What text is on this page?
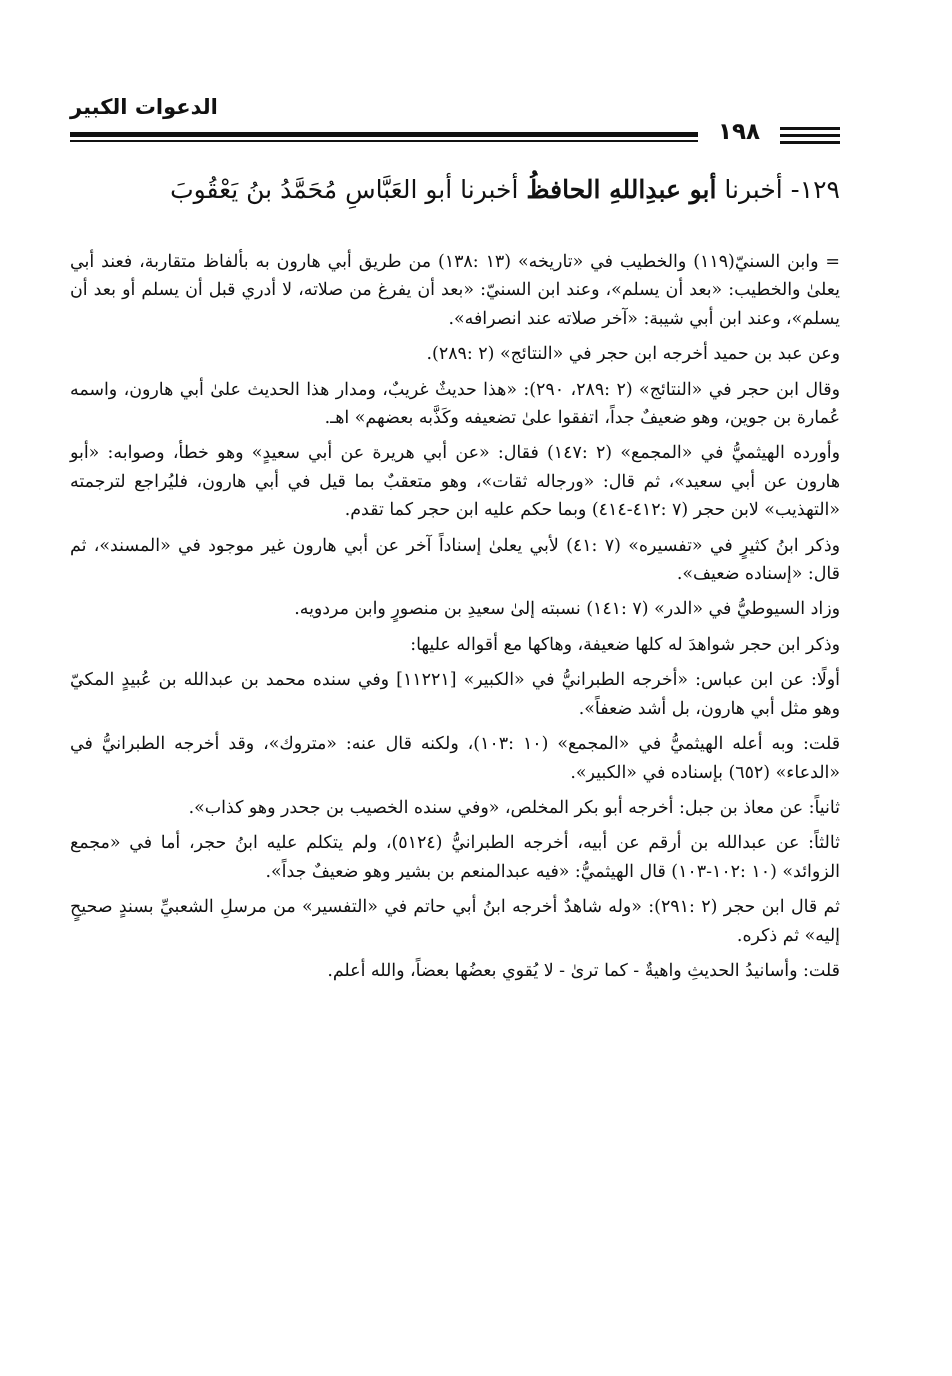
الدعوات الكبير
١٩٨
١٢٩- أخبرنا أبو عبدِاللهِ الحافظُ أخبرنا أبو العَبَّاسِ مُحَمَّدُ بنُ يَعْقُوبَ

= وابن السنيّ(١١٩) والخطيب في «تاريخه» (١٣ :١٣٨) من طريق أبي هارون به بألفاظ متقاربة، فعند أبي يعلىٰ والخطيب: «بعد أن يسلم»، وعند ابن السنيّ: «بعد أن يفرغ من صلاته، لا أدري قبل أن يسلم أو بعد أن يسلم»، وعند ابن أبي شيبة: «آخر صلاته عند انصرافه».

وعن عبد بن حميد أخرجه ابن حجر في «النتائج» (٢ :٢٨٩).

وقال ابن حجر في «النتائج» (٢ :٢٨٩، ٢٩٠): «هذا حديثٌ غريبٌ، ومدار هذا الحديث علىٰ أبي هارون، واسمه عُمارة بن جوين، وهو ضعيفٌ جداً، اتفقوا علىٰ تضعيفه وكَذَّبه بعضهم» اهـ.

وأورده الهيثميُّ في «المجمع» (٢ :١٤٧) فقال: «عن أبي هريرة عن أبي سعيدٍ» وهو خطأ، وصوابه: «أبو هارون عن أبي سعيد»، ثم قال: «ورجاله ثقات»، وهو متعقبٌ بما قيل في أبي هارون، فليُراجع لترجمته «التهذيب» لابن حجر (٧ :٤١٢-٤١٤) وبما حكم عليه ابن حجر كما تقدم.

وذكر ابنُ كثيرٍ في «تفسيره» (٧ :٤١) لأبي يعلىٰ إسناداً آخر عن أبي هارون غير موجود في «المسند»، ثم قال: «إسناده ضعيف».

وزاد السيوطيُّ في «الدر» (٧ :١٤١) نسبته إلىٰ سعيدِ بن منصورٍ وابن مردويه.

وذكر ابن حجر شواهدَ له كلها ضعيفة، وهاكها مع أقواله عليها:

أولًا: عن ابن عباس: «أخرجه الطبرانيُّ في «الكبير» [١١٢٢١] وفي سنده محمد بن عبدالله بن عُبيدٍ المكيّ وهو مثل أبي هارون، بل أشد ضعفاً».

قلت: وبه أعله الهيثميُّ في «المجمع» (١٠ :١٠٣)، ولكنه قال عنه: «متروك»، وقد أخرجه الطبرانيُّ في «الدعاء» (٦٥٢) بإسناده في «الكبير».

ثانياً: عن معاذ بن جبل: أخرجه أبو بكر المخلص، «وفي سنده الخصيب بن جحدر وهو كذاب».

ثالثاً: عن عبدالله بن أرقم عن أبيه، أخرجه الطبرانيُّ (٥١٢٤)، ولم يتكلم عليه ابنُ حجر، أما في «مجمع الزوائد» (١٠ :١٠٢-١٠٣) قال الهيثميُّ: «فيه عبدالمنعم بن بشير وهو ضعيفٌ جداً».

ثم قال ابن حجر (٢ :٢٩١): «وله شاهدٌ أخرجه ابنُ أبي حاتم في «التفسير» من مرسلِ الشعبيِّ بسندٍ صحيحٍ إليه» ثم ذكره.

قلت: وأسانيدُ الحديثِ واهيةٌ - كما ترىٰ - لا يُقوي بعضُها بعضاً، والله أعلم.
